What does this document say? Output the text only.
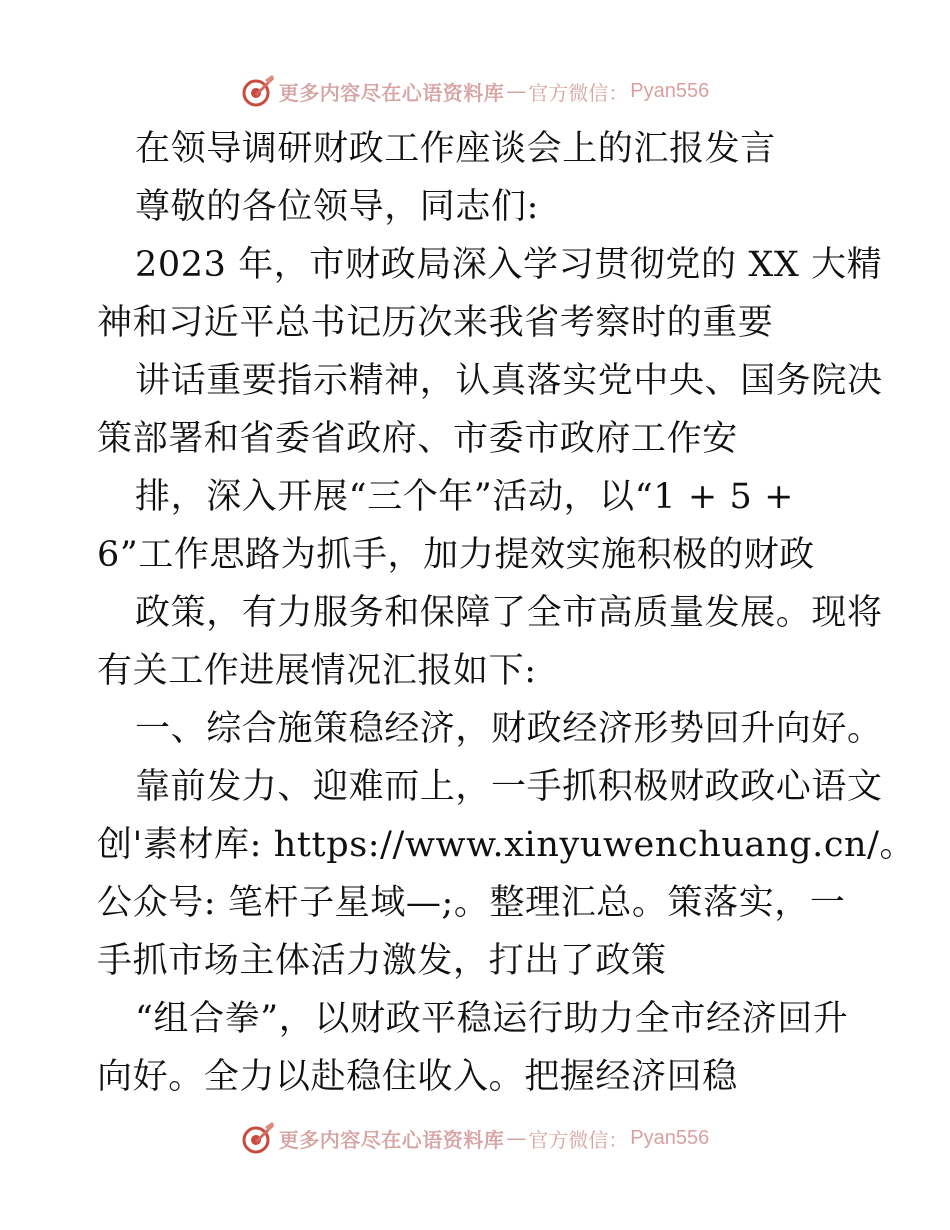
更多内容尽在心语资料库 — 官方微信： Pyan556
在领导调研财政工作座谈会上的汇报发言
尊敬的各位领导，同志们:
2023 年，市财政局深入学习贯彻党的 XX 大精
神和习近平总书记历次来我省考察时的重要
讲话重要指示精神，认真落实党中央、国务院决
策部署和省委省政府、市委市政府工作安
排，深入开展“三个年”活动，以“1 + 5 +
6”工作思路为抓手，加力提效实施积极的财政
政策，有力服务和保障了全市高质量发展。现将
有关工作进展情况汇报如下:
一、综合施策稳经济，财政经济形势回升向好。
靠前发力、迎难而上，一手抓积极财政政心语文
创'素材库: https://www.xinyuwenchuang.cn/。
公众号: 笔杆子星域—;。整理汇总。策落实，一
手抓市场主体活力激发，打出了政策
“组合拳”，以财政平稳运行助力全市经济回升
向好。全力以赴稳住收入。把握经济回稳
更多内容尽在心语资料库 — 官方微信： Pyan556
